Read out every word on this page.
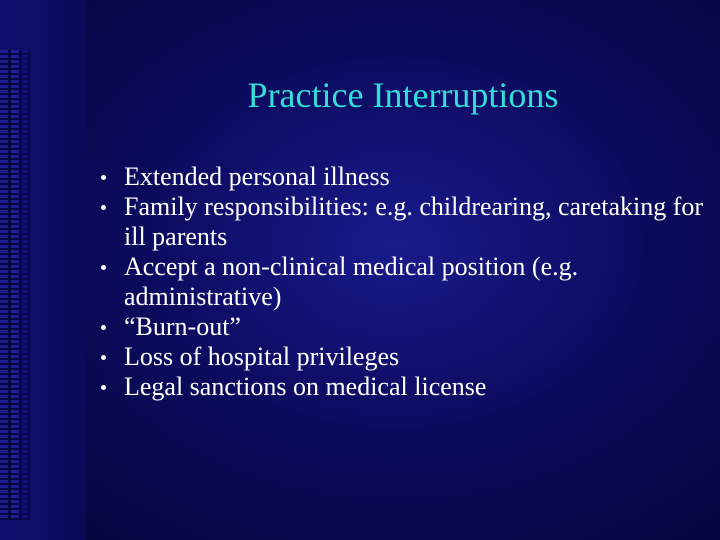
Practice Interruptions
Extended personal illness
Family responsibilities: e.g. childrearing, caretaking for ill parents
Accept a non-clinical medical position (e.g. administrative)
“Burn-out”
Loss of hospital privileges
Legal sanctions on medical license
